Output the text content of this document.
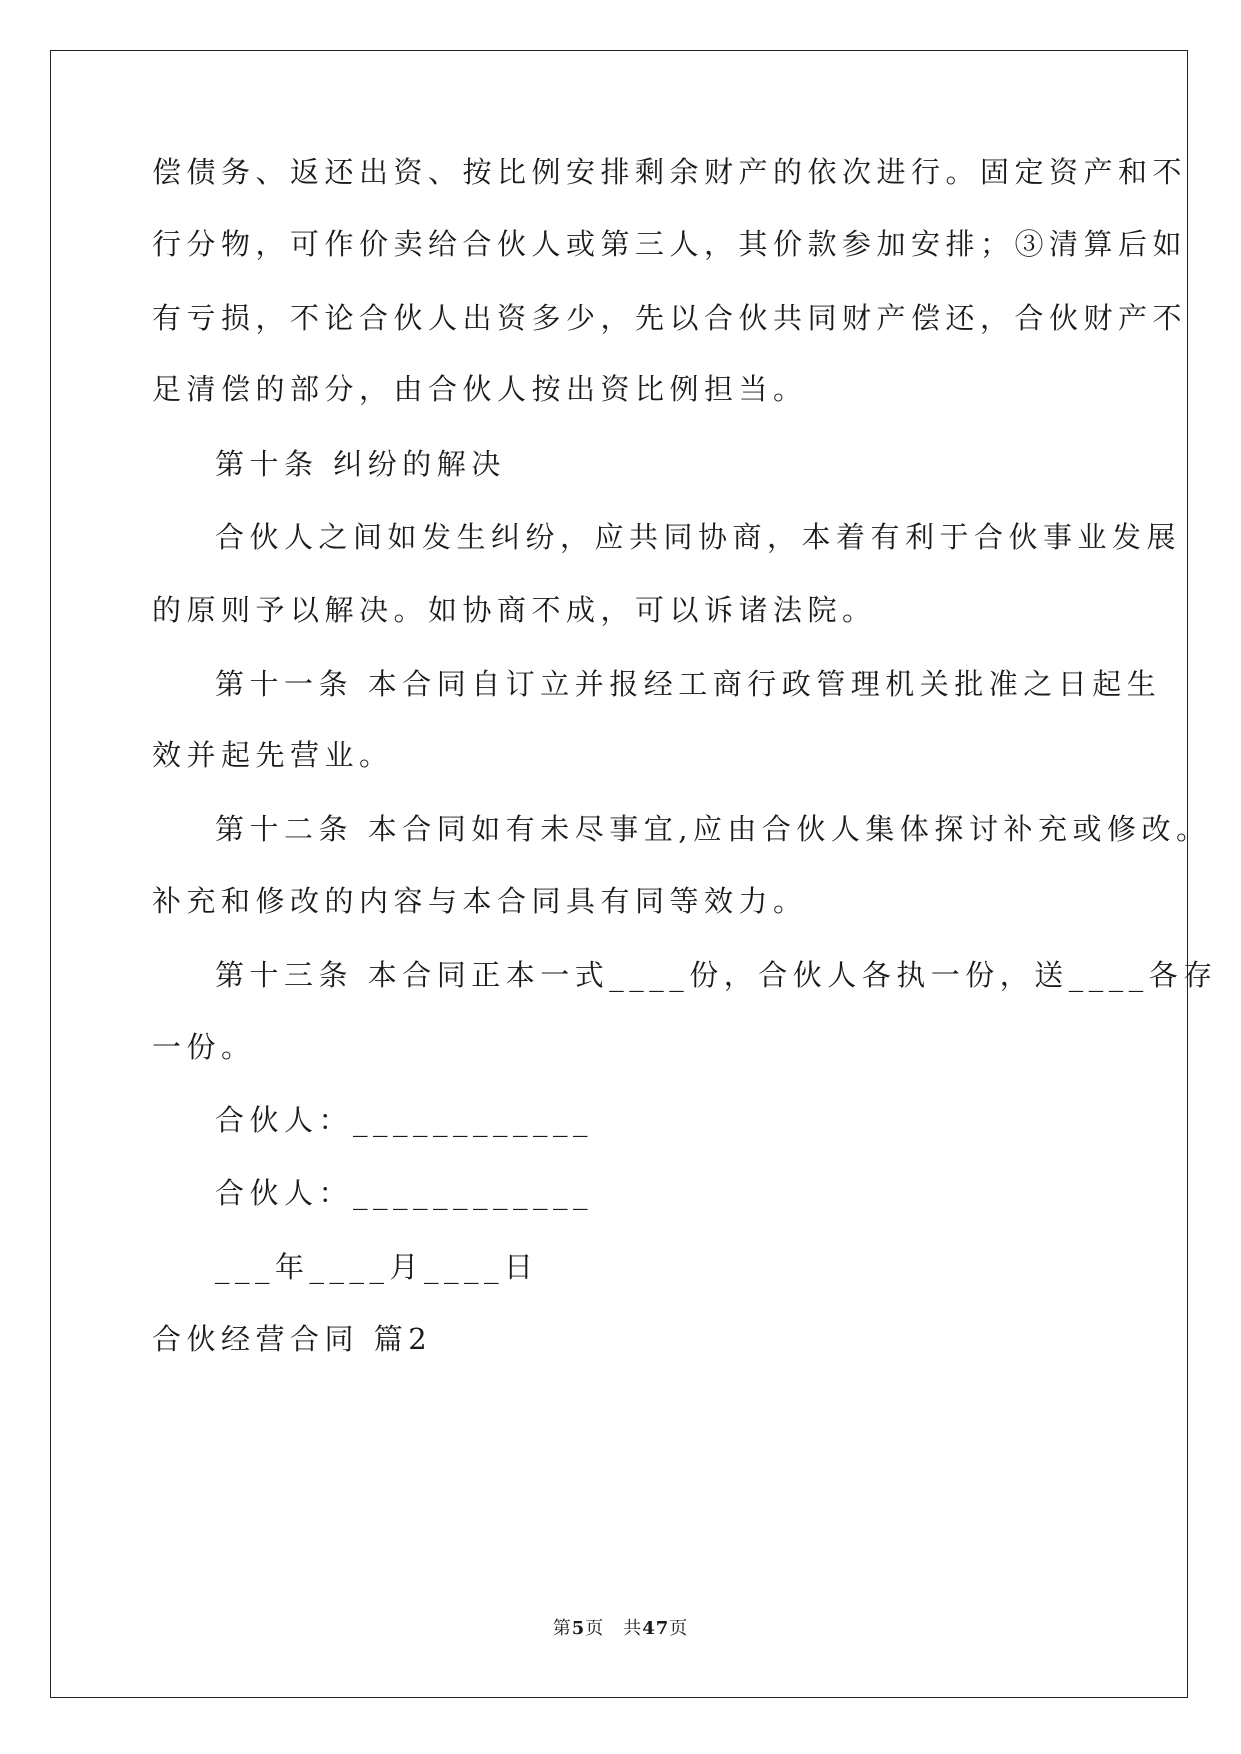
偿债务、返还出资、按比例安排剩余财产的依次进行。固定资产和不
行分物，可作价卖给合伙人或第三人，其价款参加安排；③清算后如
有亏损，不论合伙人出资多少，先以合伙共同财产偿还，合伙财产不
足清偿的部分，由合伙人按出资比例担当。
第十条 纠纷的解决
合伙人之间如发生纠纷，应共同协商，本着有利于合伙事业发展
的原则予以解决。如协商不成，可以诉诸法院。
第十一条 本合同自订立并报经工商行政管理机关批准之日起生
效并起先营业。
第十二条 本合同如有未尽事宜,应由合伙人集体探讨补充或修改。
补充和修改的内容与本合同具有同等效力。
第十三条 本合同正本一式____份，合伙人各执一份，送____各存
一份。
合伙人：____________
合伙人：____________
___年____月____日
合伙经营合同 篇2
第5页　共47页
